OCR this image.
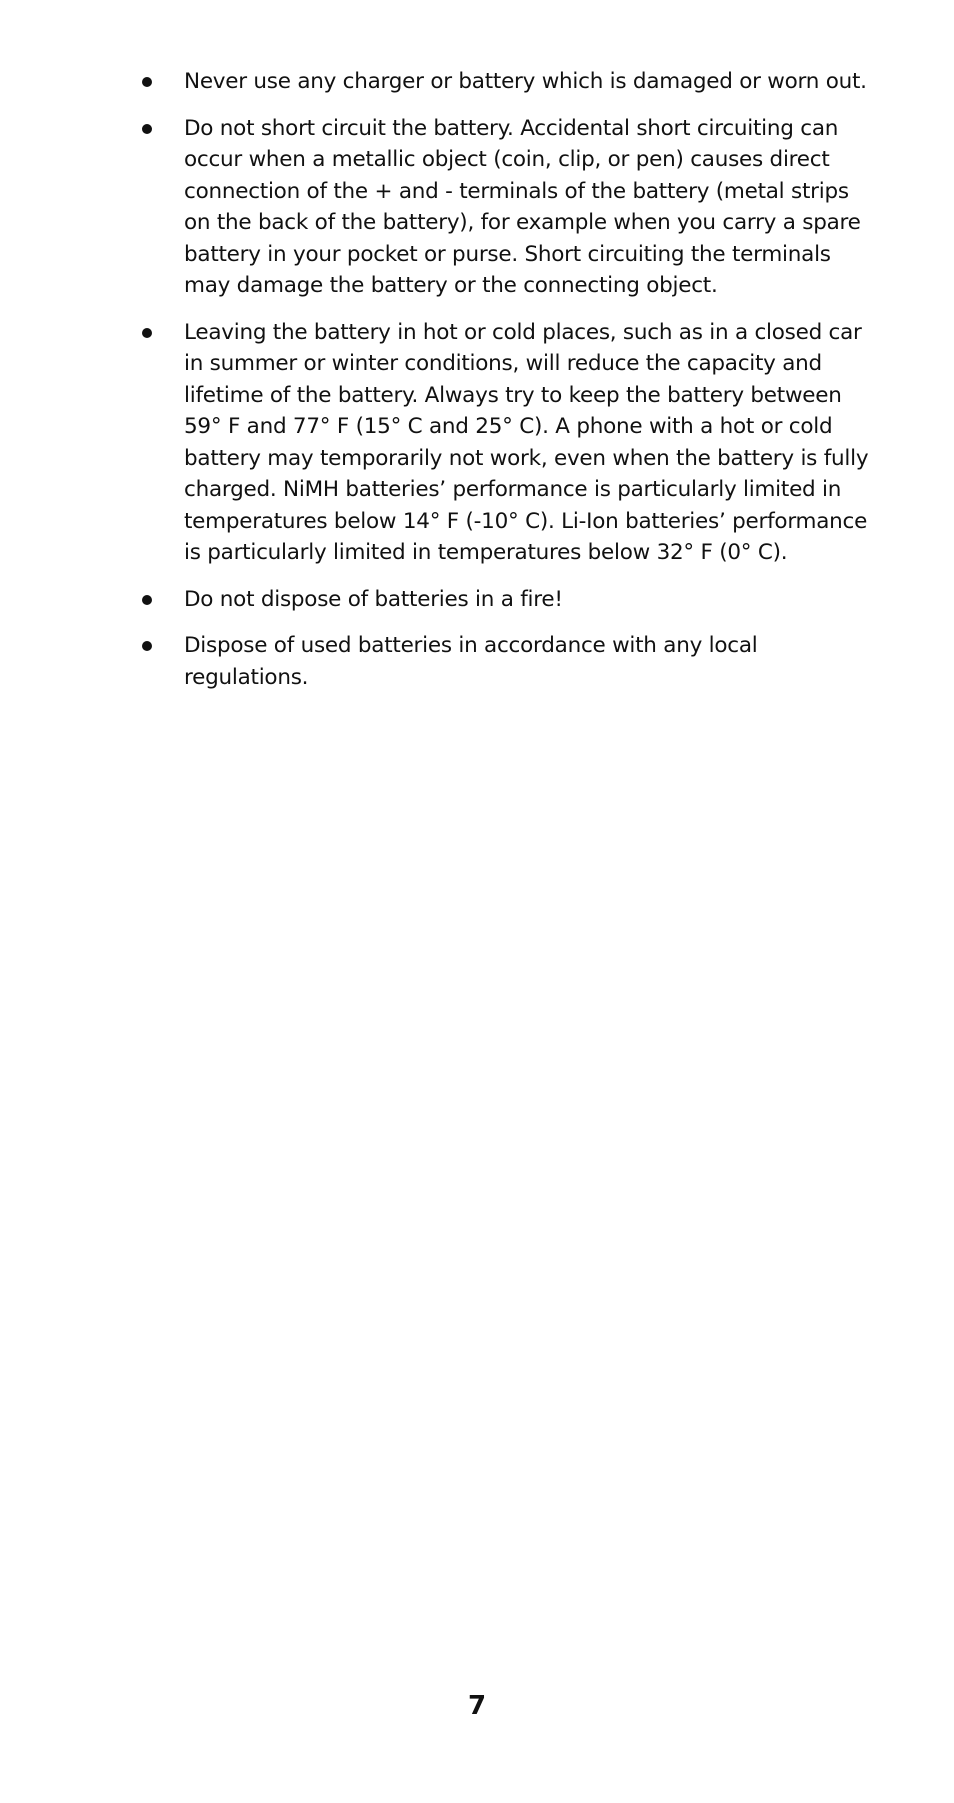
Never use any charger or battery which is damaged or worn out.
Do not short circuit the battery. Accidental short circuiting can
occur when a metallic object (coin, clip, or pen) causes direct
connection of the + and - terminals of the battery (metal strips
on the back of the battery), for example when you carry a spare
battery in your pocket or purse. Short circuiting the terminals
may damage the battery or the connecting object.
Leaving the battery in hot or cold places, such as in a closed car
in summer or winter conditions, will reduce the capacity and
lifetime of the battery. Always try to keep the battery between
59° F and 77° F (15° C and 25° C). A phone with a hot or cold
battery may temporarily not work, even when the battery is fully
charged. NiMH batteries’ performance is particularly limited in
temperatures below 14° F (-10° C). Li-Ion batteries’ performance
is particularly limited in temperatures below 32° F (0° C).
Do not dispose of batteries in a fire!
Dispose of used batteries in accordance with any local
regulations.
7
